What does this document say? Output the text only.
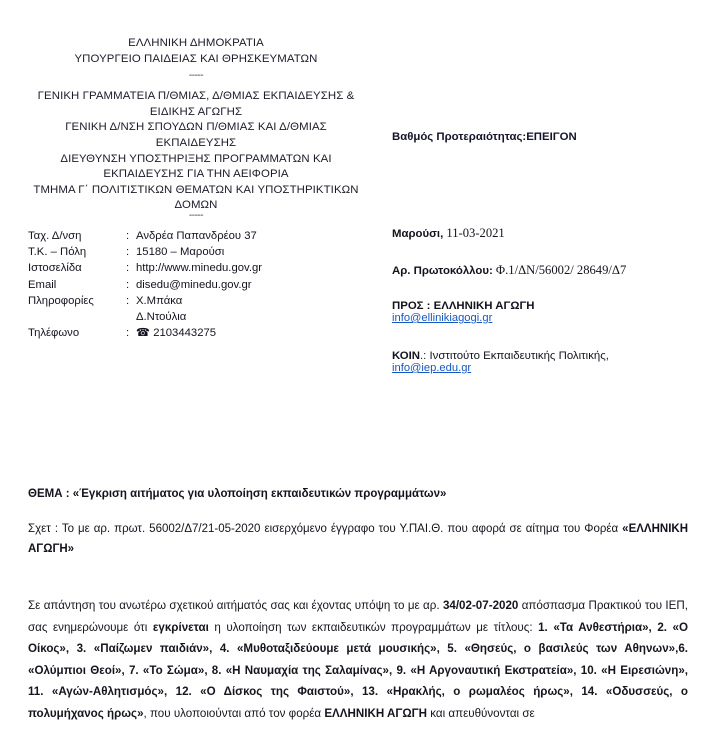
ΕΛΛΗΝΙΚΗ ΔΗΜΟΚΡΑΤΙΑ
ΥΠΟΥΡΓΕΙΟ ΠΑΙΔΕΙΑΣ ΚΑΙ ΘΡΗΣΚΕΥΜΑΤΩΝ
-----
ΓΕΝΙΚΗ ΓΡΑΜΜΑΤΕΙΑ Π/ΘΜΙΑΣ, Δ/ΘΜΙΑΣ ΕΚΠΑΙΔΕΥΣΗΣ &
ΕΙΔΙΚΗΣ ΑΓΩΓΗΣ
ΓΕΝΙΚΗ Δ/ΝΣΗ ΣΠΟΥΔΩΝ Π/ΘΜΙΑΣ ΚΑΙ Δ/ΘΜΙΑΣ
ΕΚΠΑΙΔΕΥΣΗΣ
ΔΙΕΥΘΥΝΣΗ ΥΠΟΣΤΗΡΙΞΗΣ ΠΡΟΓΡΑΜΜΑΤΩΝ ΚΑΙ
ΕΚΠΑΙΔΕΥΣΗΣ ΓΙΑ ΤΗΝ ΑΕΙΦΟΡΙΑ
ΤΜΗΜΑ Γ΄ ΠΟΛΙΤΙΣΤΙΚΩΝ ΘΕΜΑΤΩΝ ΚΑΙ ΥΠΟΣΤΗΡΙΚΤΙΚΩΝ
ΔΟΜΩΝ
Βαθμός Προτεραιότητας:ΕΠΕΙΓΟΝ
-----
Ταχ. Δ/νση	:	Ανδρέα Παπανδρέου 37
Τ.Κ. – Πόλη	:	15180 – Μαρούσι
Ιστοσελίδα	:	http://www.minedu.gov.gr
Email	:	disedu@minedu.gov.gr
Πληροφορίες	:	Χ.Μπάκα
		Δ.Ντούλια
Τηλέφωνο	:	☎ 2103443275
Μαρούσι, 11-03-2021
Αρ. Πρωτοκόλλου: Φ.1/ΔΝ/56002/ 28649/Δ7
ΠΡΟΣ : ΕΛΛΗΝΙΚΗ ΑΓΩΓΗ
info@ellinikiagogi.gr
ΚΟΙΝ.: Ινστιτούτο Εκπαιδευτικής Πολιτικής,
info@iep.edu.gr
ΘΕΜΑ : «Έγκριση αιτήματος για υλοποίηση εκπαιδευτικών προγραμμάτων»
Σχετ : Το με αρ. πρωτ. 56002/Δ7/21-05-2020 εισερχόμενο έγγραφο του Υ.ΠΑΙ.Θ. που αφορά σε αίτημα του Φορέα «ΕΛΛΗΝΙΚΗ ΑΓΩΓΗ»
Σε απάντηση του ανωτέρω σχετικού αιτήματός σας και έχοντας υπόψη το με αρ. 34/02-07-2020 απόσπασμα Πρακτικού του ΙΕΠ, σας ενημερώνουμε ότι εγκρίνεται η υλοποίηση των εκπαιδευτικών προγραμμάτων με τίτλους: 1. «Τα Ανθεστήρια», 2. «Ο Οίκος», 3. «Παίζωμεν παιδιάν», 4. «Μυθοταξιδεύουμε μετά μουσικής», 5. «Θησεύς, ο βασιλεύς των Αθηνων»,6. «Ολύμπιοι Θεοί», 7. «Το Σώμα», 8. «Η Ναυμαχία της Σαλαμίνας», 9. «Η Αργοναυτική Εκστρατεία», 10. «Η Ειρεσιώνη», 11. «Αγών-Αθλητισμός», 12. «Ο Δίσκος της Φαιστού», 13. «Ηρακλής, ο ρωμαλέος ήρως», 14. «Οδυσσεύς, ο πολυμήχανος ήρως», που υλοποιούνται από τον φορέα ΕΛΛΗΝΙΚΗ ΑΓΩΓΗ και απευθύνονται σε
